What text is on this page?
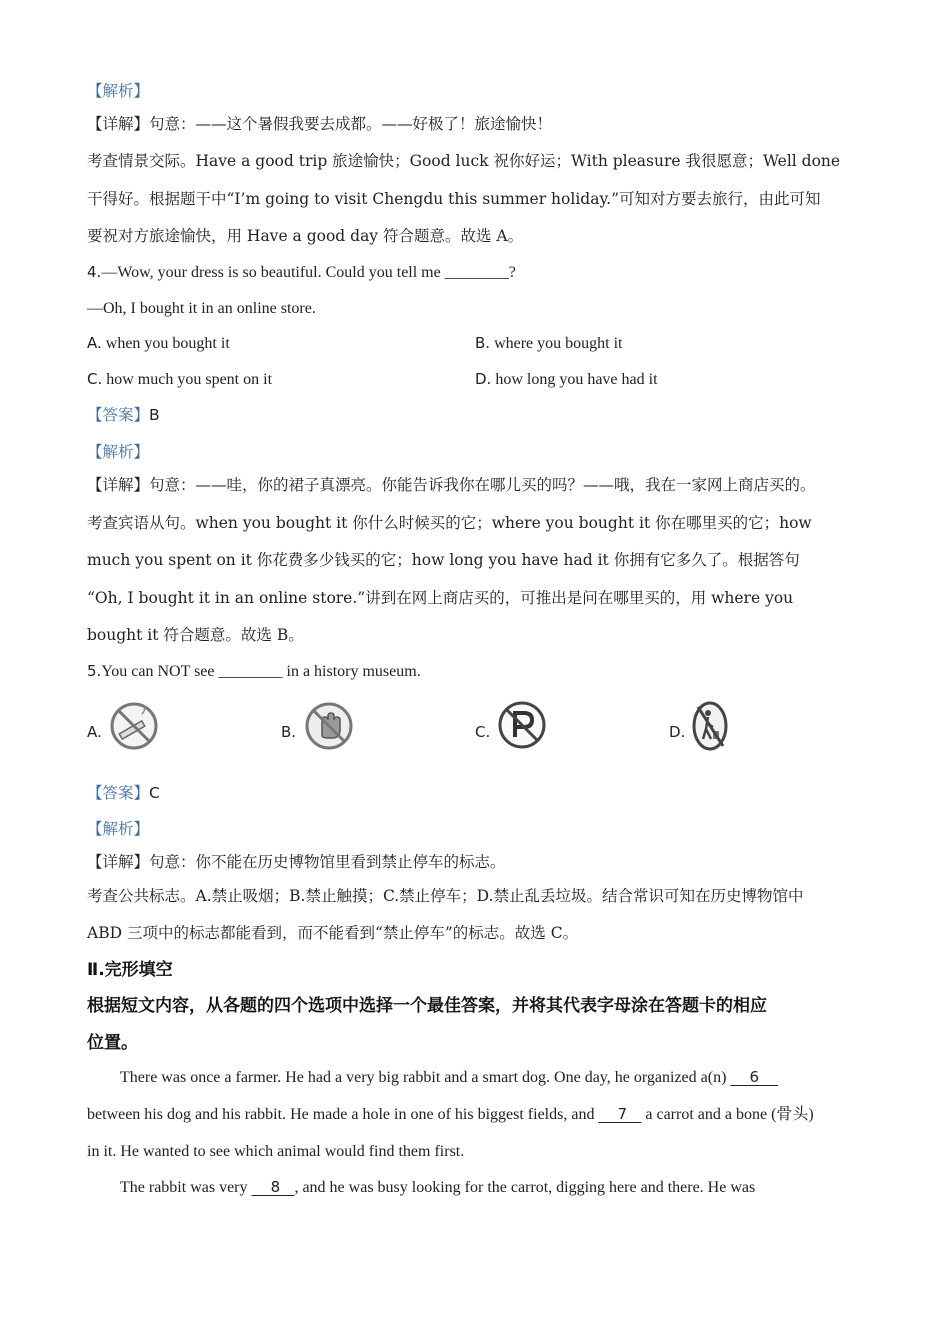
【解析】
【详解】句意：——这个暑假我要去成都。——好极了！旅途愉快！
考查情景交际。Have a good trip 旅途愉快；Good luck 祝你好运；With pleasure 我很愿意；Well done
干得好。根据题干中“I’m going to visit Chengdu this summer holiday.”可知对方要去旅行，由此可知
要祝对方旅途愉快，用 Have a good day 符合题意。故选 A。
4.—Wow, your dress is so beautiful. Could you tell me ________?
—Oh, I bought it in an online store.
A. when you bought it	B. where you bought it
C. how much you spent on it	D. how long you have had it
【答案】B
【解析】
【详解】句意：——哇，你的裙子真漂亮。你能告诉我你在哪儿买的吗？——哦，我在一家网上商店买的。
考查宾语从句。when you bought it 你什么时候买的它；where you bought it 你在哪里买的它；how
much you spent on it 你花费多少钱买的它；how long you have had it 你拥有它多久了。根据答句
“Oh, I bought it in an online store.”讲到在网上商店买的，可推出是问在哪里买的，用 where you
bought it 符合题意。故选 B。
5.You can NOT see ________ in a history museum.
A.	B.	C.	D.
【答案】C
【解析】
【详解】句意：你不能在历史博物馆里看到禁止停车的标志。
考查公共标志。A.禁止吸烟；B.禁止触摸；C.禁止停车；D.禁止乱丢垃圾。结合常识可知在历史博物馆中
ABD 三项中的标志都能看到，而不能看到“禁止停车”的标志。故选 C。
Ⅱ.完形填空
根据短文内容，从各题的四个选项中选择一个最佳答案，并将其代表字母涂在答题卡的相应
位置。
There was once a farmer. He had a very big rabbit and a smart dog. One day, he organized a(n)     6
between his dog and his rabbit. He made a hole in one of his biggest fields, and     7    a carrot and a bone (骨头)
in it. He wanted to see which animal would find them first.
The rabbit was very     8 , and he was busy looking for the carrot, digging here and there. He was
